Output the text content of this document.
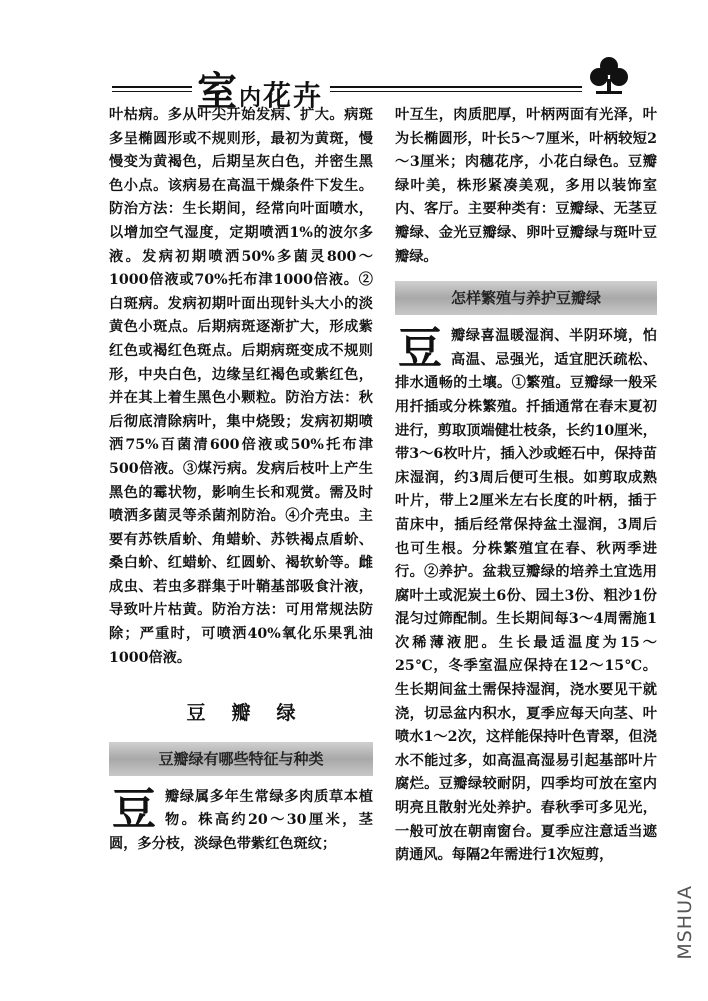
室内花卉

叶枯病。多从叶尖开始发病、扩大。病斑多呈椭圆形或不规则形，最初为黄斑，慢慢变为黄褐色，后期呈灰白色，并密生黑色小点。该病易在高温干燥条件下发生。防治方法：生长期间，经常向叶面喷水，以增加空气湿度，定期喷洒1%的波尔多液。发病初期喷洒50%多菌灵800～1000倍液或70%托布津1000倍液。②白斑病。发病初期叶面出现针头大小的淡黄色小斑点。后期病斑逐渐扩大，形成紫红色或褐红色斑点。后期病斑变成不规则形，中央白色，边缘呈红褐色或紫红色，并在其上着生黑色小颗粒。防治方法：秋后彻底清除病叶，集中烧毁；发病初期喷洒75%百菌清600倍液或50%托布津500倍液。③煤污病。发病后枝叶上产生黑色的霉状物，影响生长和观赏。需及时喷洒多菌灵等杀菌剂防治。④介壳虫。主要有苏铁盾蚧、角蜡蚧、苏铁褐点盾蚧、桑白蚧、红蜡蚧、红圆蚧、褐软蚧等。雌成虫、若虫多群集于叶鞘基部吸食汁液，导致叶片枯黄。防治方法：可用常规法防除；严重时，可喷洒40%氧化乐果乳油1000倍液。

豆瓣绿
豆瓣绿有哪些特征与种类
豆 瓣绿属多年生常绿多肉质草本植物。株高约20～30厘米，茎圆，多分枝，淡绿色带紫红色斑纹；

叶互生，肉质肥厚，叶柄两面有光泽，叶为长椭圆形，叶长5～7厘米，叶柄较短2～3厘米；肉穗花序，小花白绿色。豆瓣绿叶美，株形紧凑美观，多用以装饰室内、客厅。主要种类有：豆瓣绿、无茎豆瓣绿、金光豆瓣绿、卵叶豆瓣绿与斑叶豆瓣绿。

怎样繁殖与养护豆瓣绿
豆 瓣绿喜温暖湿润、半阴环境，怕高温、忌强光，适宜肥沃疏松、排水通畅的土壤。①繁殖。豆瓣绿一般采用扦插或分株繁殖。扦插通常在春末夏初进行，剪取顶端健壮枝条，长约10厘米，带3～6枚叶片，插入沙或蛭石中，保持苗床湿润，约3周后便可生根。如剪取成熟叶片，带上2厘米左右长度的叶柄，插于苗床中，插后经常保持盆土湿润，3周后也可生根。分株繁殖宜在春、秋两季进行。②养护。盆栽豆瓣绿的培养土宜选用腐叶土或泥炭土6份、园土3份、粗沙1份混匀过筛配制。生长期间每3～4周需施1次稀薄液肥。生长最适温度为15～25℃，冬季室温应保持在12～15℃。生长期间盆土需保持湿润，浇水要见干就浇，切忌盆内积水，夏季应每天向茎、叶喷水1～2次，这样能保持叶色青翠，但浇水不能过多，如高温高湿易引起基部叶片腐烂。豆瓣绿较耐阴，四季均可放在室内明亮且散射光处养护。春秋季可多见光，一般可放在朝南窗台。夏季应注意适当遮荫通风。每隔2年需进行1次短剪，

MSHUA
